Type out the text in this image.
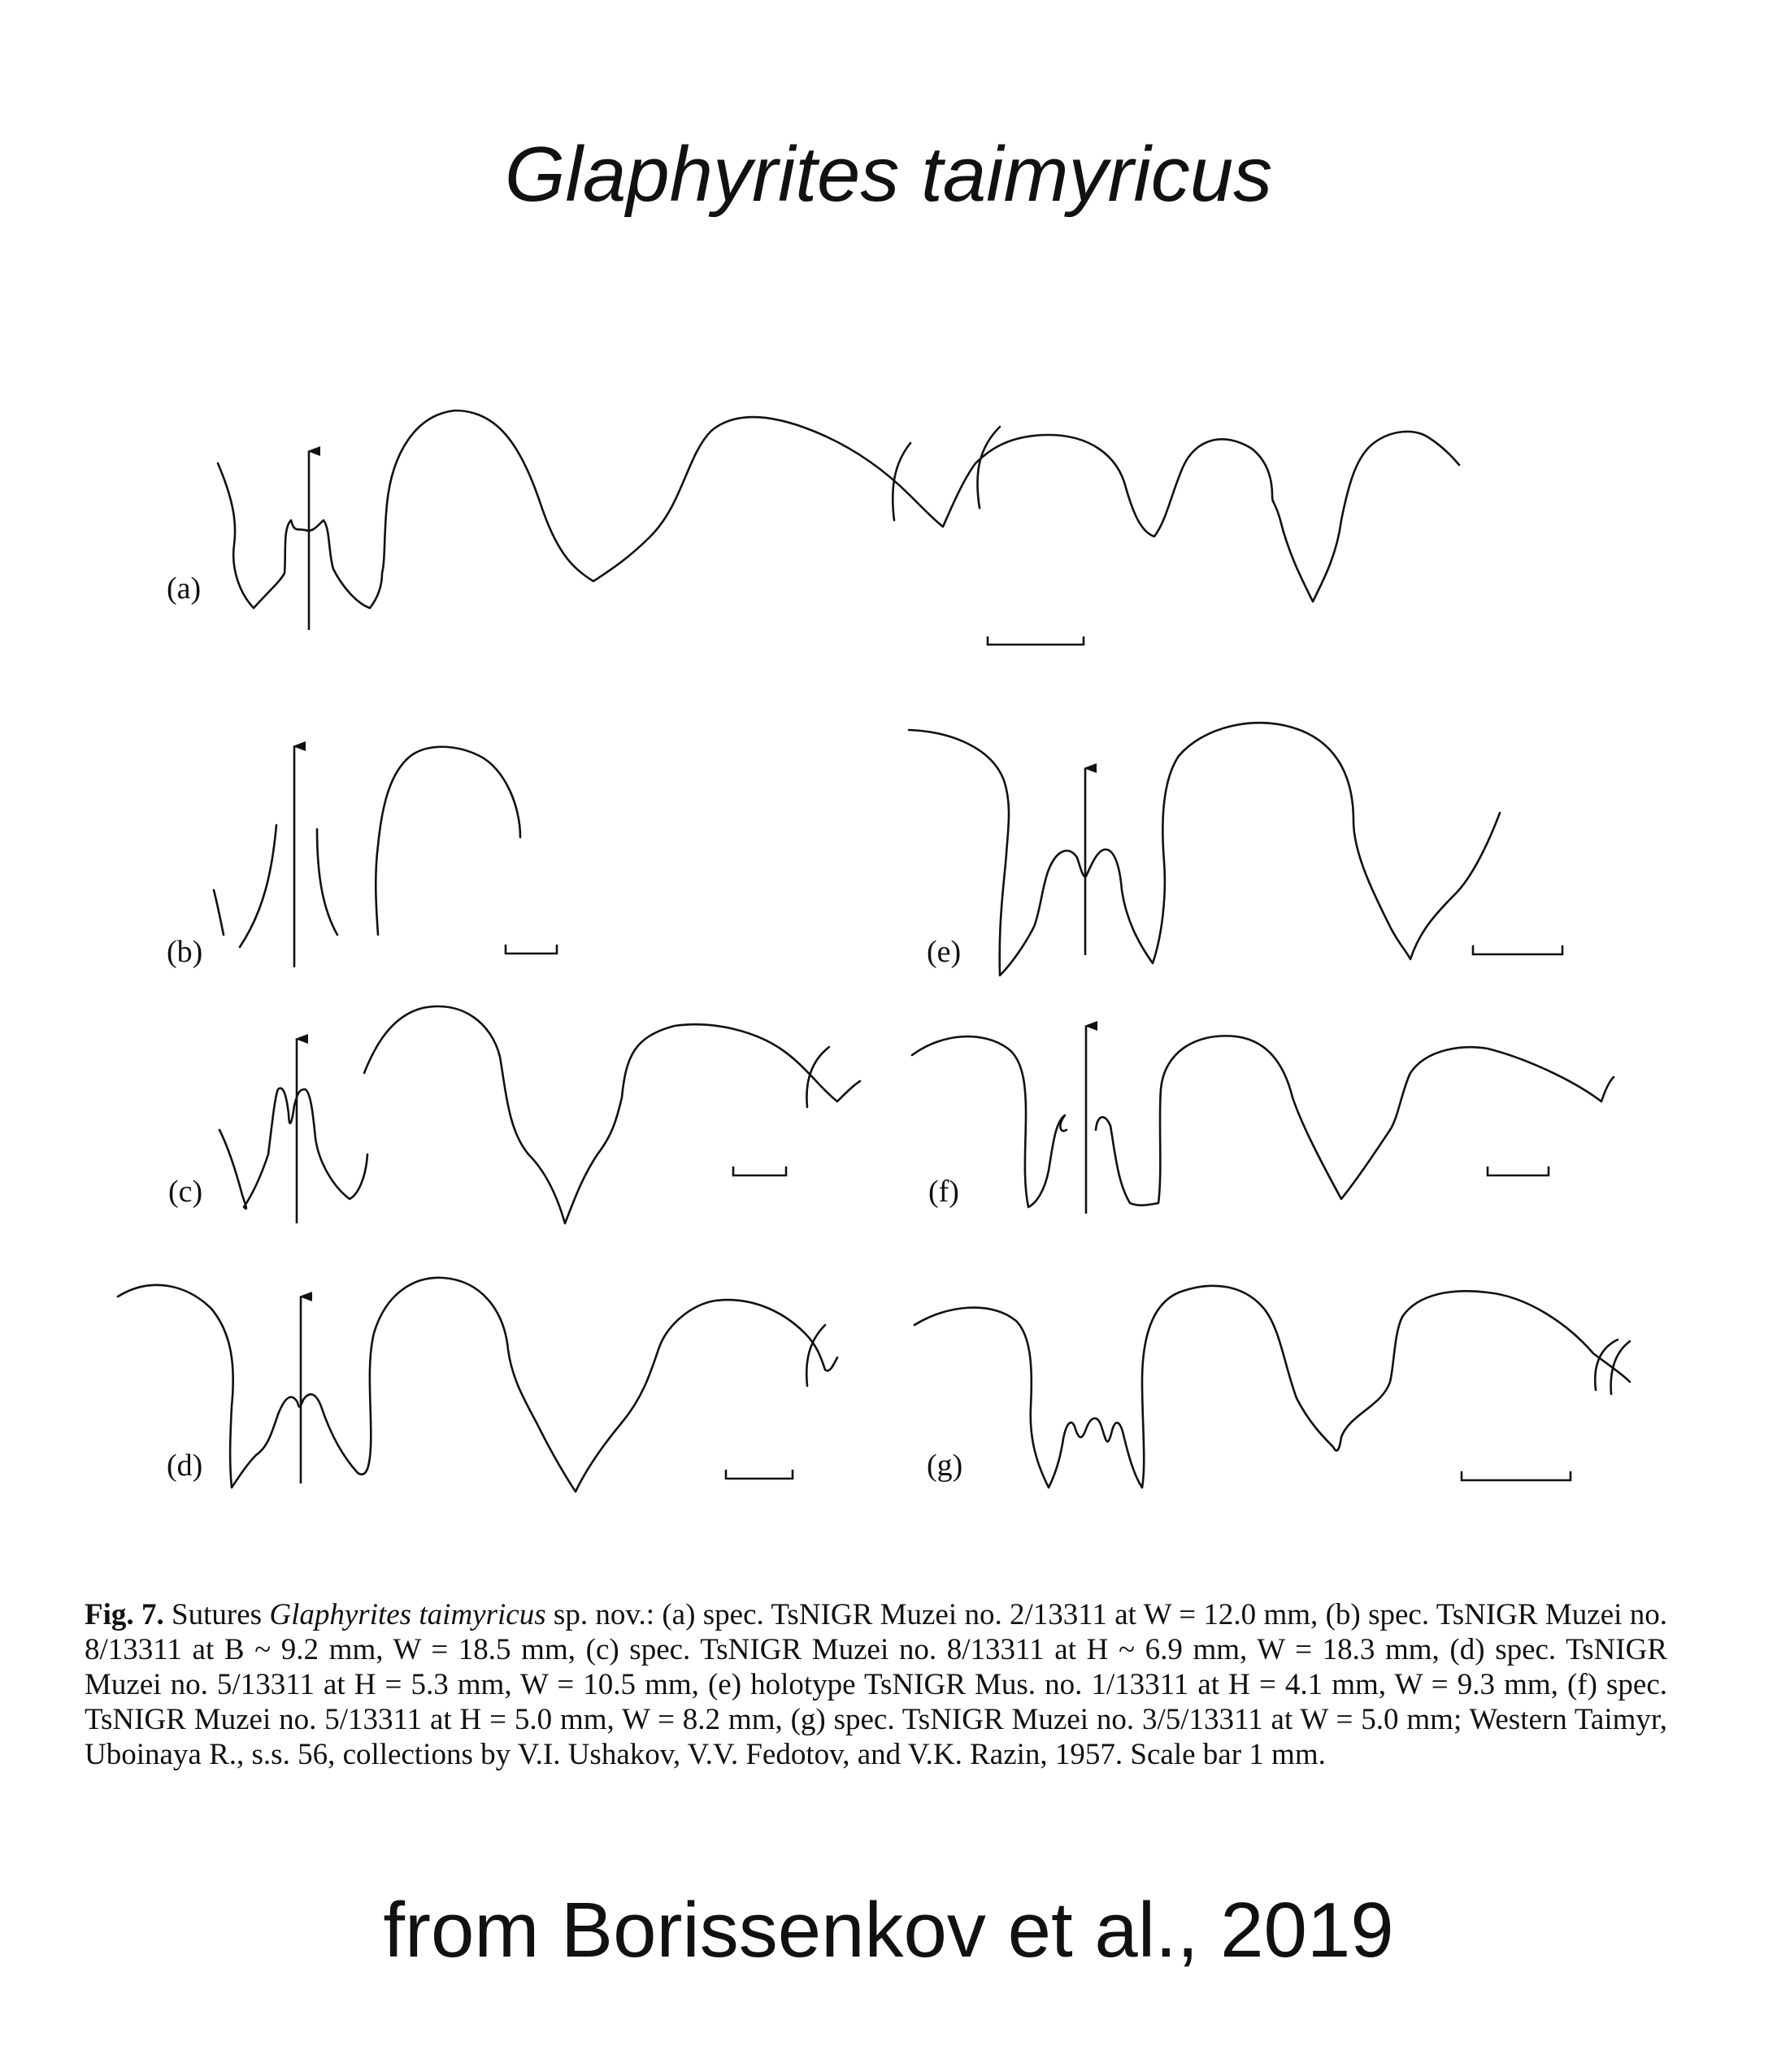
Glaphyrites taimyricus
(a)
(b)	(e)
(c)	(f)
(d)	(g)
Fig. 7. Sutures Glaphyrites taimyricus sp. nov.: (a) spec. TsNIGR Muzei no. 2/13311 at W = 12.0 mm, (b) spec. TsNIGR Muzei no. 8/13311 at B ~ 9.2 mm, W = 18.5 mm, (c) spec. TsNIGR Muzei no. 8/13311 at H ~ 6.9 mm, W = 18.3 mm, (d) spec. TsNIGR Muzei no. 5/13311 at H = 5.3 mm, W = 10.5 mm, (e) holotype TsNIGR Mus. no. 1/13311 at H = 4.1 mm, W = 9.3 mm, (f) spec. TsNIGR Muzei no. 5/13311 at H = 5.0 mm, W = 8.2 mm, (g) spec. TsNIGR Muzei no. 3/5/13311 at W = 5.0 mm; Western Taimyr, Uboinaya R., s.s. 56, collections by V.I. Ushakov, V.V. Fedotov, and V.K. Razin, 1957. Scale bar 1 mm.
from Borissenkov et al., 2019
